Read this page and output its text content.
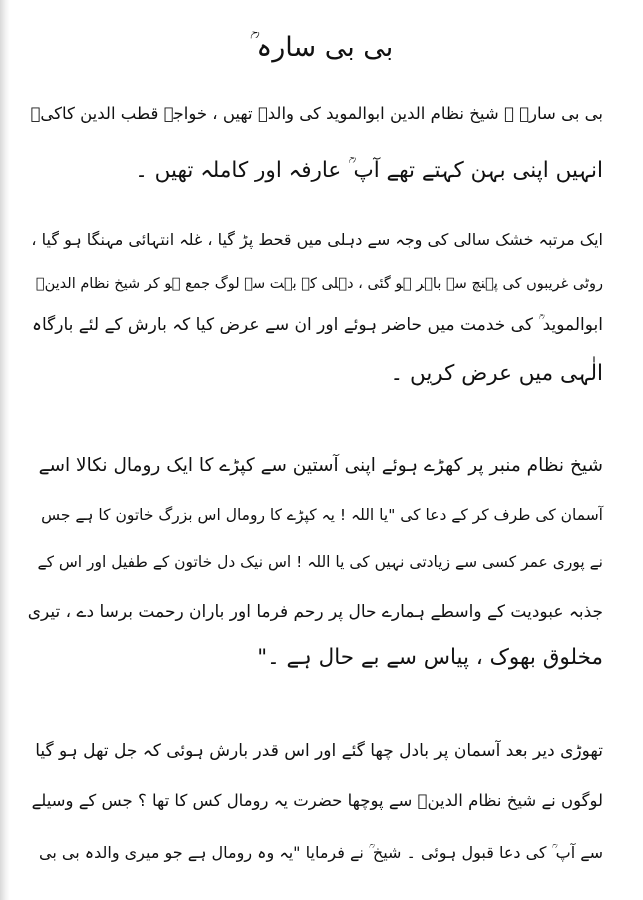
بی بی سارہ ؒ
بی بی سارہ ؒ شیخ نظام الدین ابوالموید کی والدہ تھیں ، خواجہ قطب الدین کاکیؒ
انہیں اپنی بہن کہتے تھے آپ ؒ عارفہ اور کاملہ تھیں ۔
ایک مرتبہ خشک سالی کی وجہ سے دہلی میں قحط پڑ گیا ، غلہ انتہائی مہنگا ہو گیا ،
روٹی غریبوں کی پہنچ سے باہر ہو گئی ، دہلی کے بہت سے لوگ جمع ہو کر شیخ نظام الدینؒ
ابوالموید ؒ کی خدمت میں حاضر ہوئے اور ان سے عرض کیا کہ بارش کے لئے بارگاہ
الٰہی میں عرض کریں ۔
شیخ نظام منبر پر کھڑے ہوئے اپنی آستین سے کپڑے کا ایک رومال نکالا اسے
آسمان کی طرف کر کے دعا کی "یا اللہ ! یہ کپڑے کا رومال اس بزرگ خاتون کا ہے جس
نے پوری عمر کسی سے زیادتی نہیں کی یا اللہ ! اس نیک دل خاتون کے طفیل اور اس کے
جذبہ عبودیت کے واسطے ہمارے حال پر رحم فرما اور باران رحمت برسا دے ، تیری
مخلوق بھوک ، پیاس سے بے حال ہے ۔"
تھوڑی دیر بعد آسمان پر بادل چھا گئے اور اس قدر بارش ہوئی کہ جل تھل ہو گیا
لوگوں نے شیخ نظام الدینؒ سے پوچھا حضرت یہ رومال کس کا تھا ؟ جس کے وسیلے
سے آپ ؒ کی دعا قبول ہوئی ۔ شیخ ؒ نے فرمایا "یہ وہ رومال ہے جو میری والدہ بی بی
